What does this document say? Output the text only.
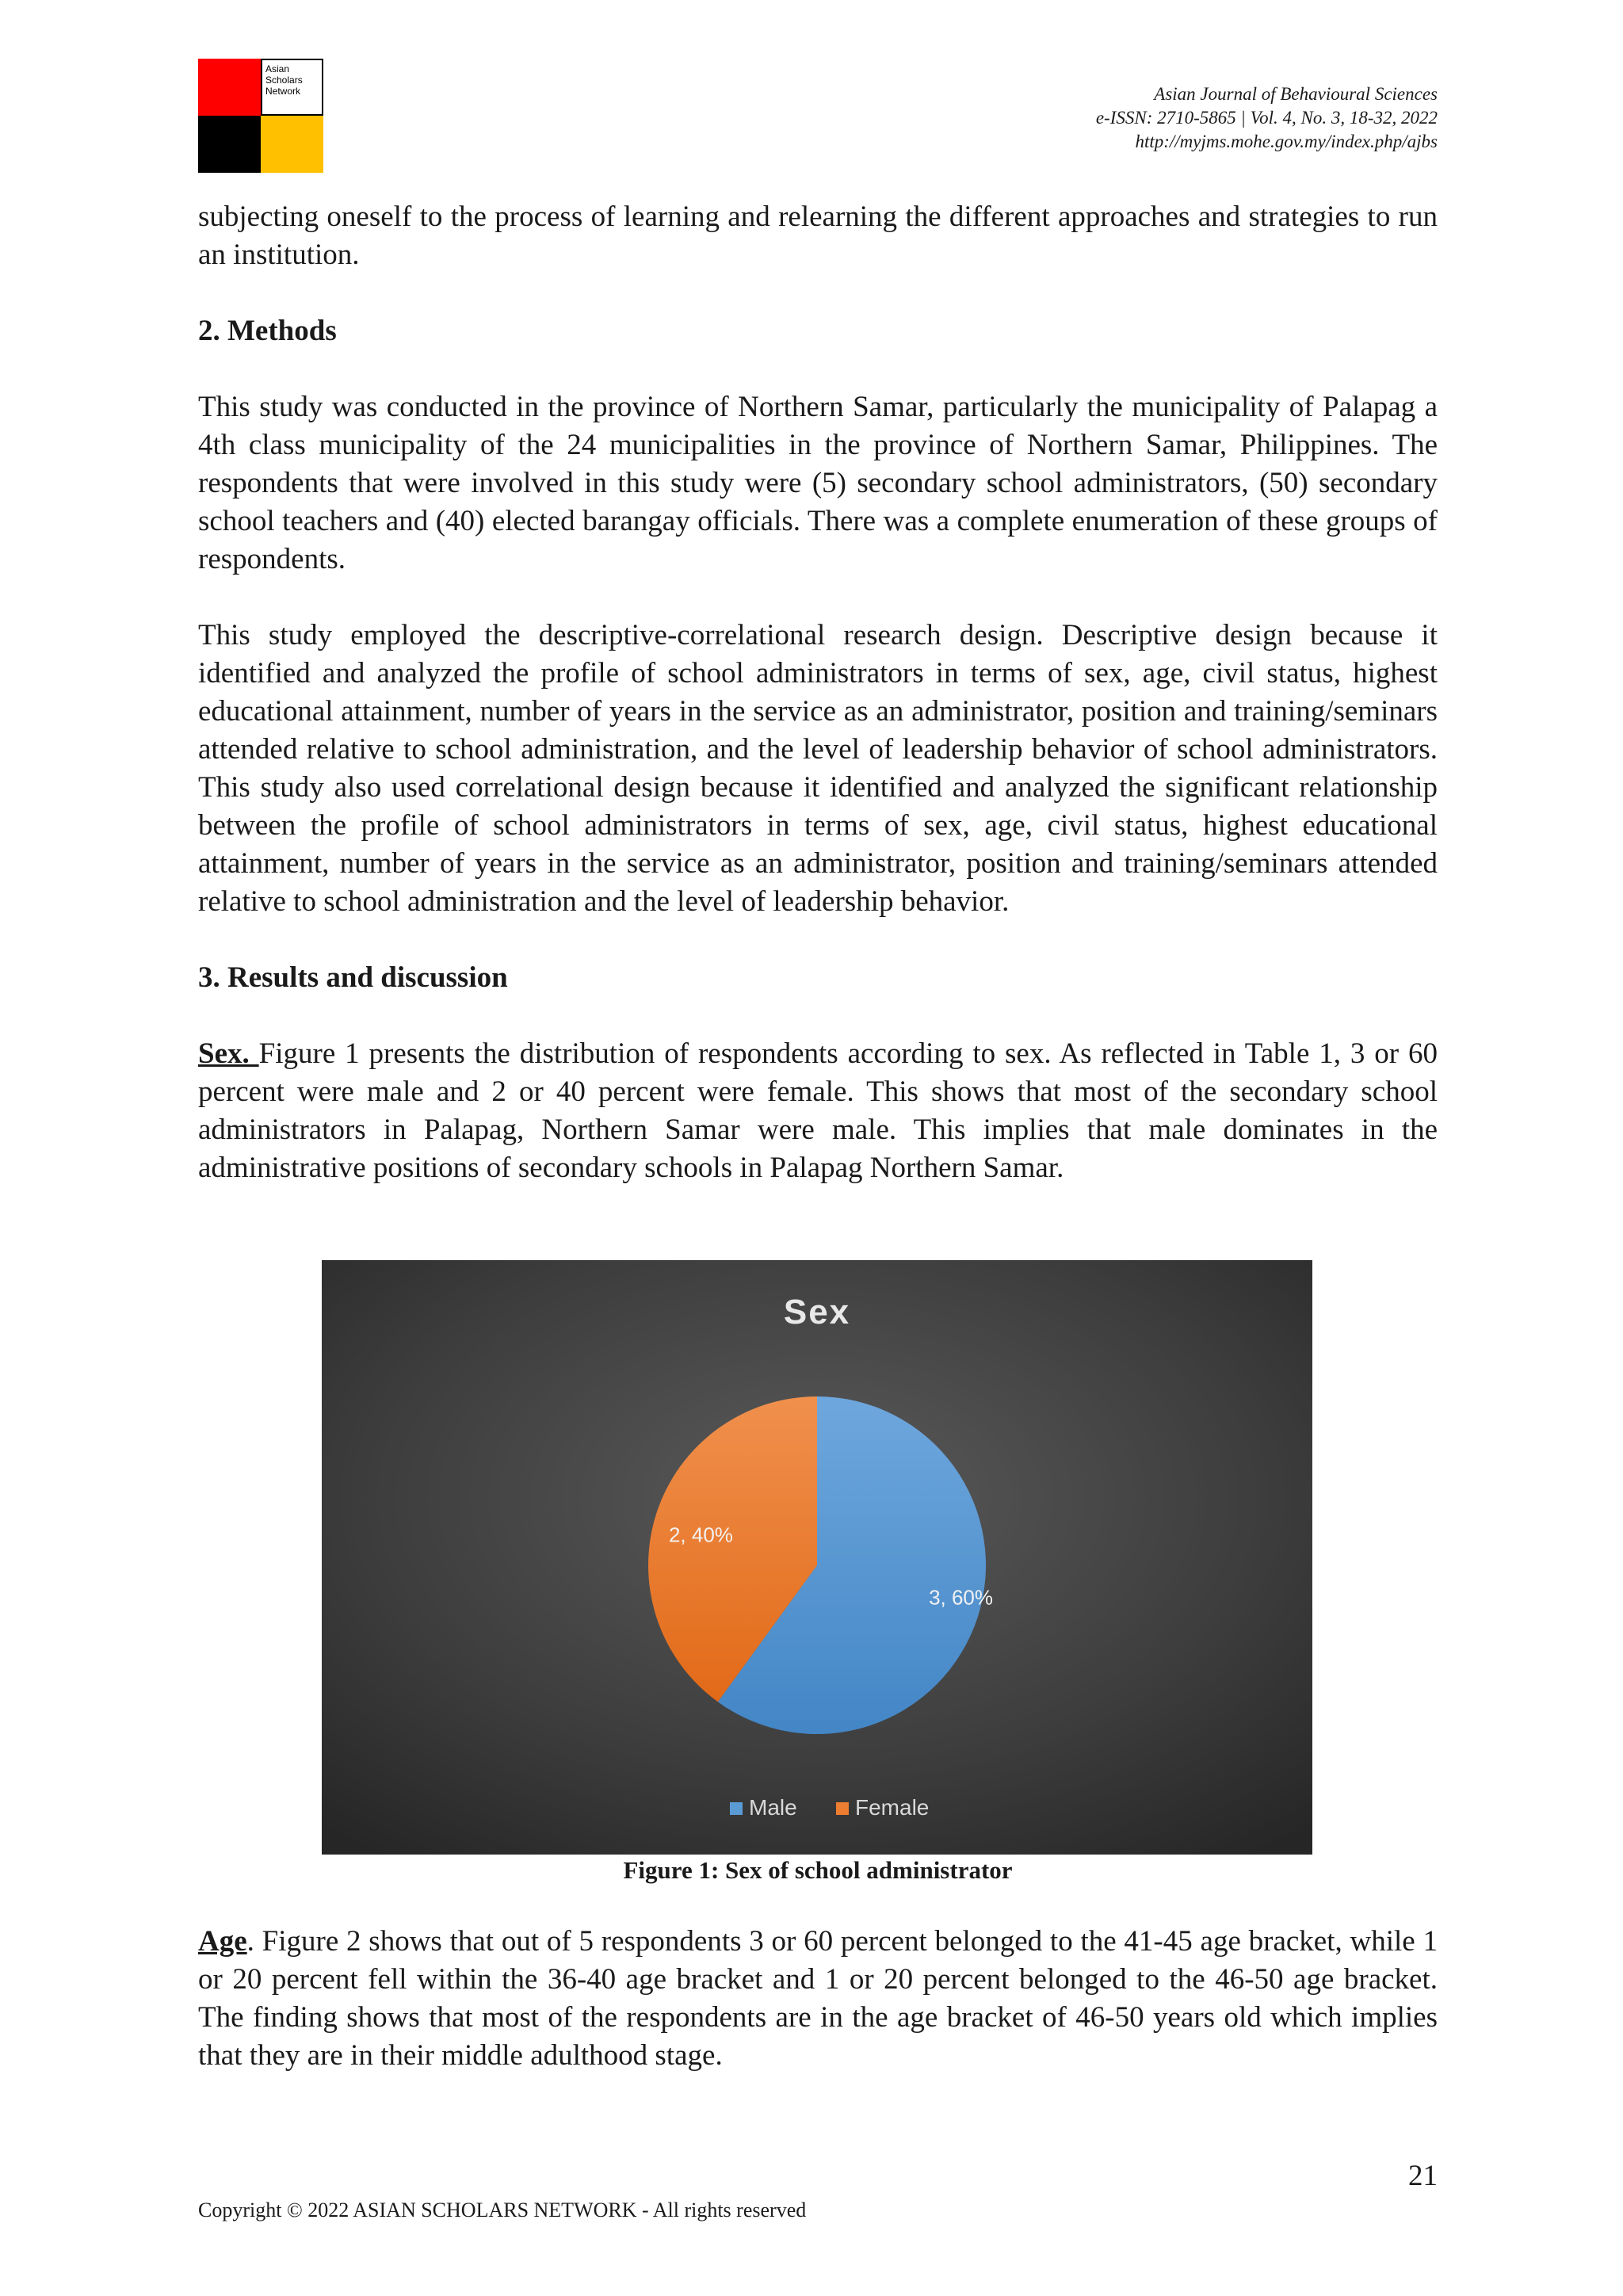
Asian
Scholars
Network	Asian Journal of Behavioural Sciences
e-ISSN: 2710-5865 | Vol. 4, No. 3, 18-32, 2022
http://myjms.mohe.gov.my/index.php/ajbs

subjecting oneself to the process of learning and relearning the different approaches and strategies to run an institution.

2. Methods

This study was conducted in the province of Northern Samar, particularly the municipality of Palapag a 4th class municipality of the 24 municipalities in the province of Northern Samar, Philippines. The respondents that were involved in this study were (5) secondary school administrators, (50) secondary school teachers and (40) elected barangay officials. There was a complete enumeration of these groups of respondents.

This study employed the descriptive-correlational research design. Descriptive design because it identified and analyzed the profile of school administrators in terms of sex, age, civil status, highest educational attainment, number of years in the service as an administrator, position and training/seminars attended relative to school administration, and the level of leadership behavior of school administrators. This study also used correlational design because it identified and analyzed the significant relationship between the profile of school administrators in terms of sex, age, civil status, highest educational attainment, number of years in the service as an administrator, position and training/seminars attended relative to school administration and the level of leadership behavior.

3. Results and discussion

Sex. Figure 1 presents the distribution of respondents according to sex. As reflected in Table 1, 3 or 60 percent were male and 2 or 40 percent were female. This shows that most of the secondary school administrators in Palapag, Northern Samar were male. This implies that male dominates in the administrative positions of secondary schools in Palapag Northern Samar.

Sex
3, 60%
2, 40%
Male	Female
Figure 1: Sex of school administrator

Age. Figure 2 shows that out of 5 respondents 3 or 60 percent belonged to the 41-45 age bracket, while 1 or 20 percent fell within the 36-40 age bracket and 1 or 20 percent belonged to the 46-50 age bracket. The finding shows that most of the respondents are in the age bracket of 46-50 years old which implies that they are in their middle adulthood stage.

21
Copyright © 2022 ASIAN SCHOLARS NETWORK - All rights reserved
